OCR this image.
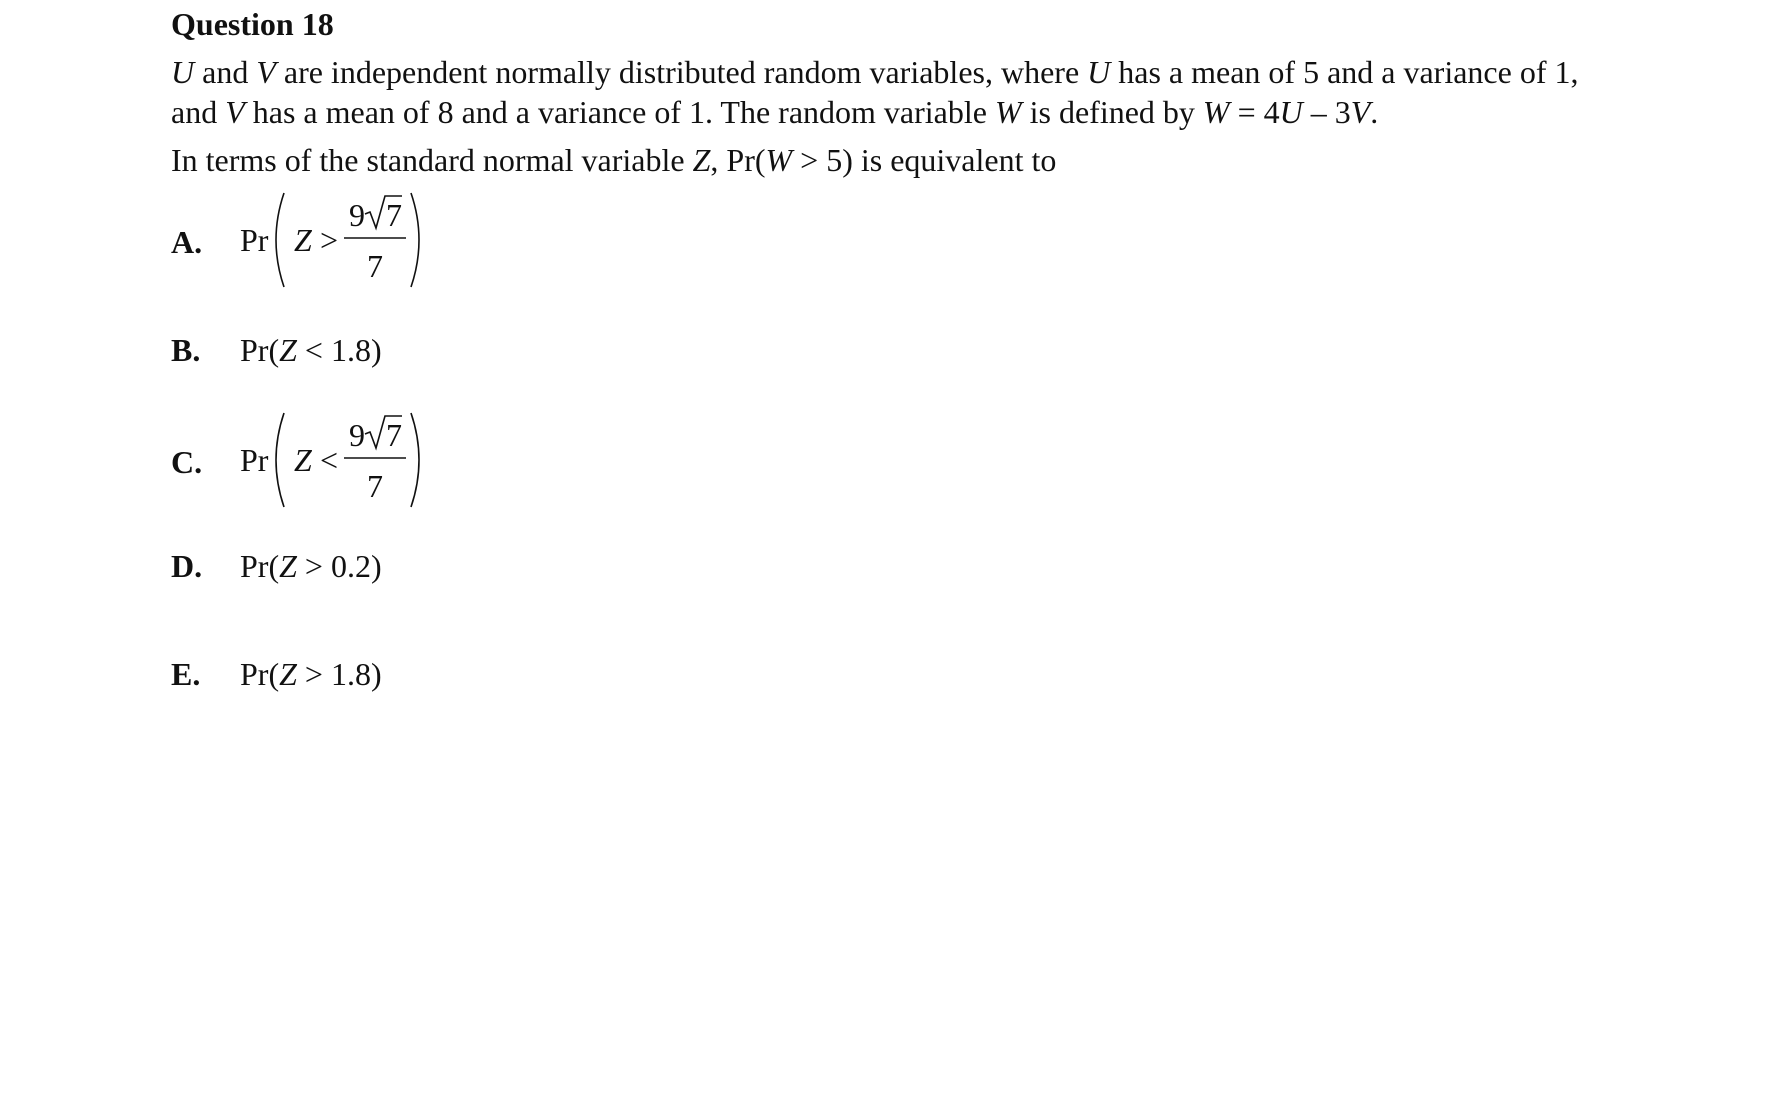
Question 18
U and V are independent normally distributed random variables, where U has a mean of 5 and a variance of 1, and V has a mean of 8 and a variance of 1. The random variable W is defined by W = 4U – 3V.
In terms of the standard normal variable Z, Pr(W > 5) is equivalent to
A. Pr Z >
9 7
7
B. Pr(Z < 1.8)
C. Pr Z <
9 7
7
D. Pr(Z > 0.2)
E. Pr(Z > 1.8)
